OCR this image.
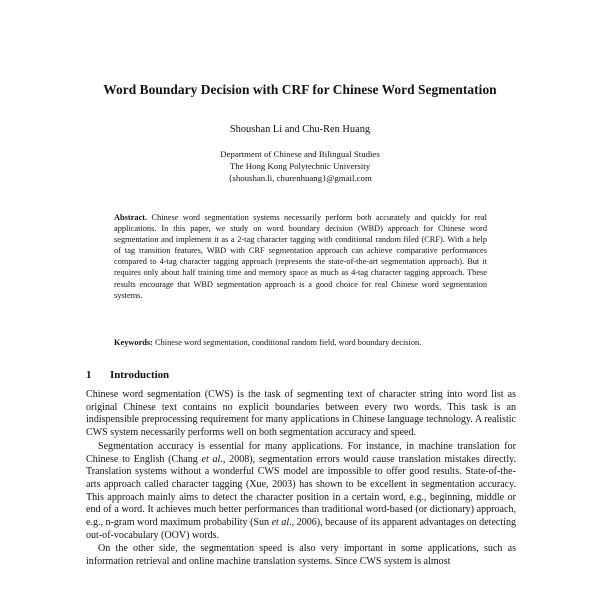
Word Boundary Decision with CRF for Chinese Word Segmentation
Shoushan Li and Chu-Ren Huang
Department of Chinese and Bilingual Studies
The Hong Kong Polytechnic University
{shoushan.li, churenhuang}@gmail.com
Abstract. Chinese word segmentation systems necessarily perform both accurately and quickly for real applications. In this paper, we study on word boundary decision (WBD) approach for Chinese word segmentation and implement it as a 2-tag character tagging with conditional random filed (CRF). With a help of tag transition features, WBD with CRF segmentation approach can achieve comparative performances compared to 4-tag character tagging approach (represents the state-of-the-art segmentation approach). But it requires only about half training time and memory space as much as 4-tag character tagging approach. These results encourage that WBD segmentation approach is a good choice for real Chinese word segmentation systems.
Keywords: Chinese word segmentation, conditional random field, word boundary decision.
1 Introduction

Chinese word segmentation (CWS) is the task of segmenting text of character string into word list as original Chinese text contains no explicit boundaries between every two words. This task is an indispensible preprocessing requirement for many applications in Chinese language technology. A realistic CWS system necessarily performs well on both segmentation accuracy and speed.

Segmentation accuracy is essential for many applications. For instance, in machine translation for Chinese to English (Chang et al., 2008), segmentation errors would cause translation mistakes directly. Translation systems without a wonderful CWS model are impossible to offer good results. State-of-the-arts approach called character tagging (Xue, 2003) has shown to be excellent in segmentation accuracy. This approach mainly aims to detect the character position in a certain word, e.g., beginning, middle or end of a word. It achieves much better performances than traditional word-based (or dictionary) approach, e.g., n-gram word maximum probability (Sun et al., 2006), because of its apparent advantages on detecting out-of-vocabulary (OOV) words.

On the other side, the segmentation speed is also very important in some applications, such as information retrieval and online machine translation systems. Since CWS system is almost
